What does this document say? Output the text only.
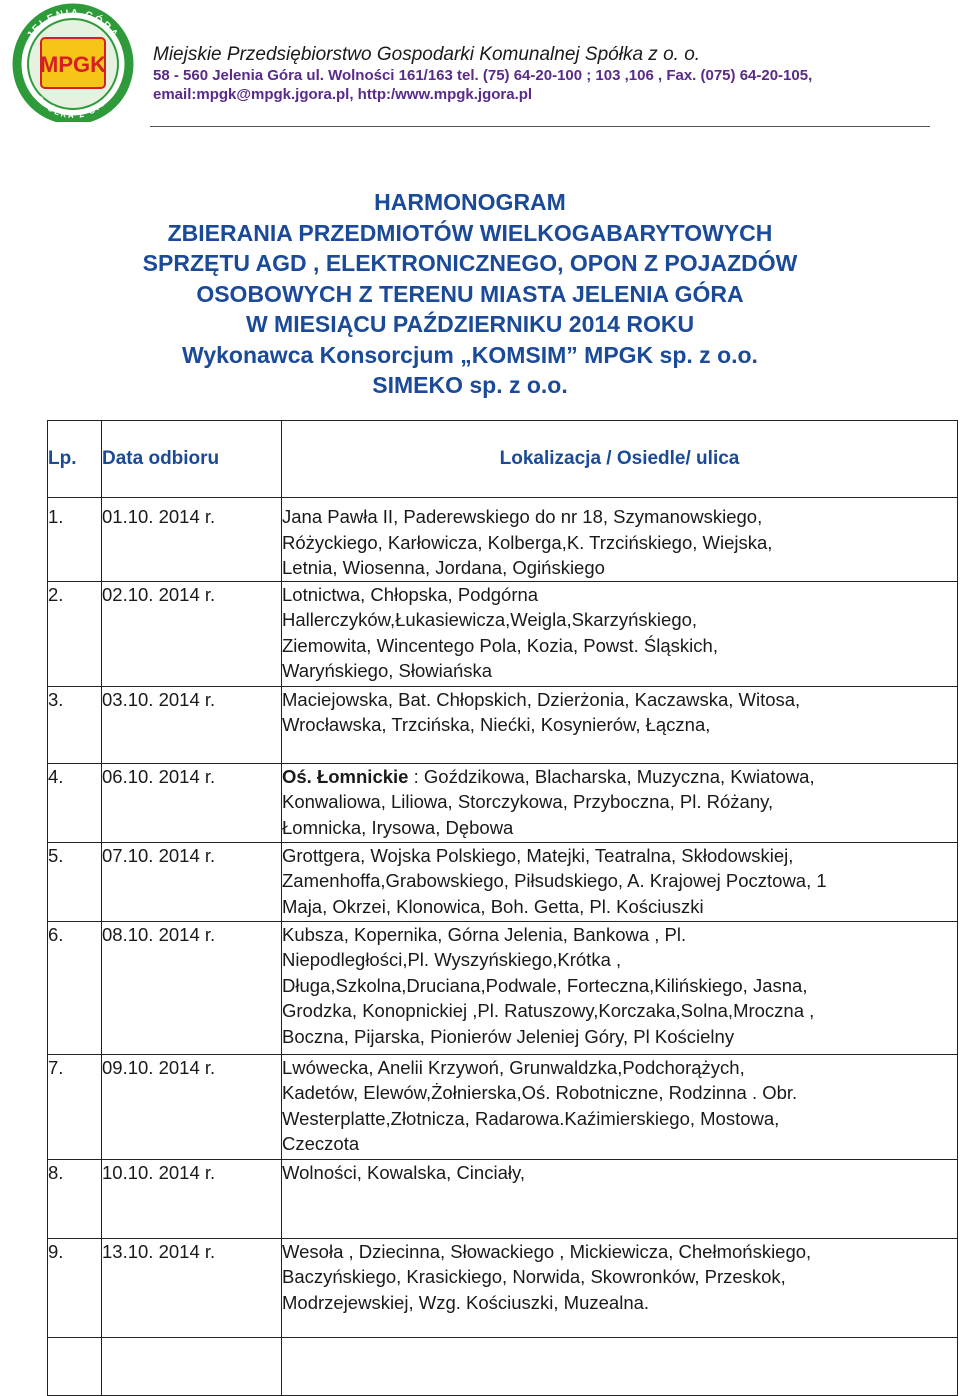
JELENIA GÓRA
SPÓŁKA Z O.O.
MPGK Miejskie Przedsiębiorstwo Gospodarki Komunalnej Spółka z o. o.
58 - 560 Jelenia Góra ul. Wolności 161/163 tel. (75) 64-20-100 ; 103 ,106 , Fax. (075) 64-20-105,
email:mpgk@mpgk.jgora.pl, http:/www.mpgk.jgora.pl
HARMONOGRAM
ZBIERANIA PRZEDMIOTÓW WIELKOGABARYTOWYCH
SPRZĘTU AGD , ELEKTRONICZNEGO, OPON Z POJAZDÓW
OSOBOWYCH Z TERENU MIASTA JELENIA GÓRA
W MIESIĄCU PAŹDZIERNIKU 2014 ROKU
Wykonawca Konsorcjum „KOMSIM” MPGK sp. z o.o.
SIMEKO sp. z o.o.
Lp.	Data odbioru	Lokalizacja / Osiedle/ ulica
1.	01.10. 2014 r.	Jana Pawła II, Paderewskiego do nr 18, Szymanowskiego,
Różyckiego, Karłowicza, Kolberga,K. Trzcińskiego, Wiejska,
Letnia, Wiosenna, Jordana, Ogińskiego

2.	02.10. 2014 r.	Lotnictwa, Chłopska, Podgórna
Hallerczyków,Łukasiewicza,Weigla,Skarzyńskiego,
Ziemowita, Wincentego Pola, Kozia, Powst. Śląskich,
Waryńskiego, Słowiańska

3.	03.10. 2014 r.	Maciejowska, Bat. Chłopskich, Dzierżonia, Kaczawska, Witosa,
Wrocławska, Trzcińska, Niećki, Kosynierów, Łączna,

4.	06.10. 2014 r.	Oś. Łomnickie : Goździkowa, Blacharska, Muzyczna, Kwiatowa,
Konwaliowa, Liliowa, Storczykowa, Przyboczna, Pl. Różany,
Łomnicka, Irysowa, Dębowa

5.	07.10. 2014 r.	Grottgera, Wojska Polskiego, Matejki, Teatralna, Skłodowskiej,
Zamenhoffa,Grabowskiego, Piłsudskiego, A. Krajowej Pocztowa, 1
Maja, Okrzei, Klonowica, Boh. Getta, Pl. Kościuszki

6.	08.10. 2014 r.	Kubsza, Kopernika, Górna Jelenia, Bankowa , Pl.
Niepodległości,Pl. Wyszyńskiego,Krótka ,
Długa,Szkolna,Druciana,Podwale, Forteczna,Kilińskiego, Jasna,
Grodzka, Konopnickiej ,Pl. Ratuszowy,Korczaka,Solna,Mroczna ,
Boczna, Pijarska, Pionierów Jeleniej Góry, Pl Kościelny

7.	09.10. 2014 r.	Lwówecka, Anelii Krzywoń, Grunwaldzka,Podchorążych,
Kadetów, Elewów,Żołnierska,Oś. Robotniczne, Rodzinna . Obr.
Westerplatte,Złotnicza, Radarowa.Kaźimierskiego, Mostowa,
Czeczota

8.	10.10. 2014 r.	Wolności, Kowalska, Cinciały,

9.	13.10. 2014 r.	Wesoła , Dziecinna, Słowackiego , Mickiewicza, Chełmońskiego,
Baczyńskiego, Krasickiego, Norwida, Skowronków, Przeskok,
Modrzejewskiej, Wzg. Kościuszki, Muzealna.
